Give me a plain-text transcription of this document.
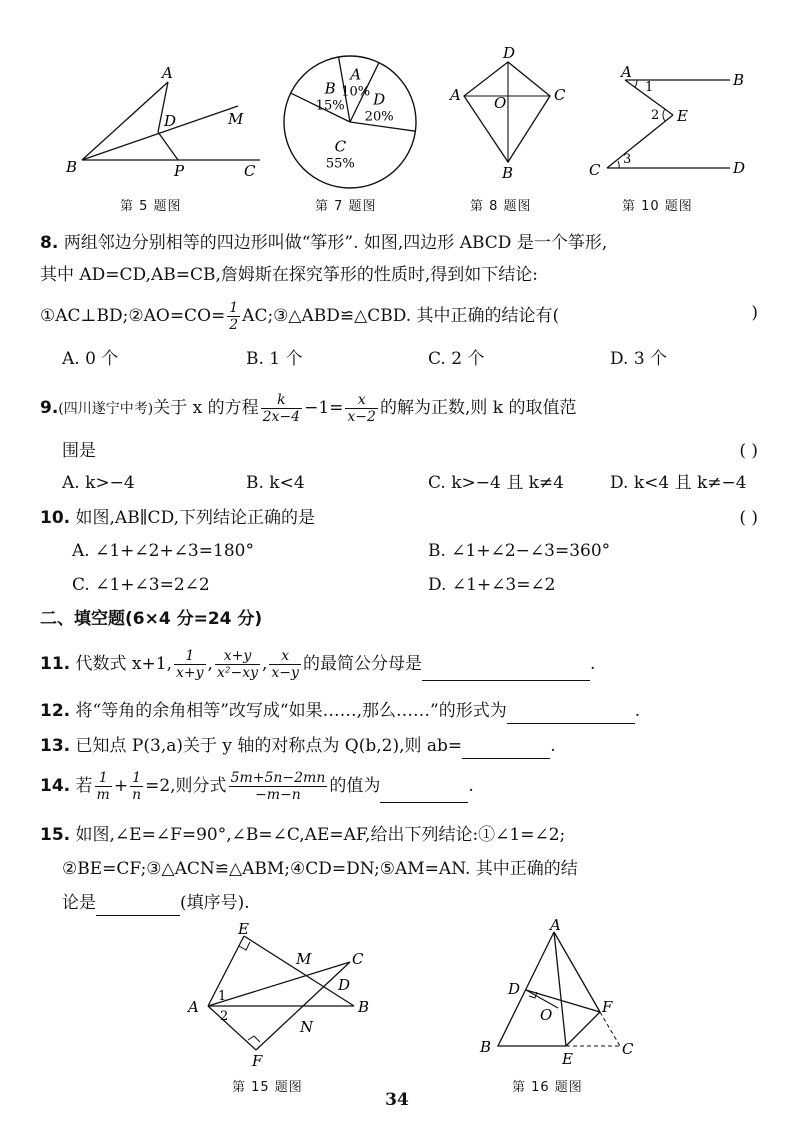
A
B	C
D	M
P
第 5 题图
A
10% D
20%
C
55%
B
15%
第 7 题图
D
A	C
O
B
第 8 题图
A	B
C	D
E
1
2
3
第 10 题图
8. 两组邻边分别相等的四边形叫做“筝形”. 如图,四边形 ABCD 是一个筝形,
其中 AD=CD,AB=CB,詹姆斯在探究筝形的性质时,得到如下结论:
①AC⊥BD;②AO=CO= $\frac{1}{2}$ AC;③△ABD≌△CBD. 其中正确的结论有(	)
A. 0 个	B. 1 个	C. 2 个	D. 3 个
9.(四川遂宁中考)关于 x 的方程 $\frac{k}{2x-4} -1= \frac{x}{x-2}$ 的解为正数,则 k 的取值范
围是	( )
A. k>−4	B. k<4	C. k>−4 且 k≠4	D. k<4 且 k≠−4
10. 如图,AB∥CD,下列结论正确的是	( )
A. ∠1+∠2+∠3=180°	B. ∠1+∠2−∠3=360°
C. ∠1+∠3=2∠2	D. ∠1+∠3=∠2
二、填空题(6×4 分=24 分)
11. 代数式 x+1, $\frac{1}{x+y}$ , $\frac{x+y}{\text{x²−xy}}$ , $\frac{x}{x-y}$ 的最简公分母是	.
12. 将“等角的余角相等”改写成“如果……,那么……”的形式为	.
13. 已知点 P(3,a)关于 y 轴的对称点为 Q(b,2),则 ab=	.
14. 若 $\frac{1}{m} + \frac{1}{n} =2$,则分式 $\frac{5m+5n-2mn}{-m-n}$ 的值为	.
15. 如图,∠E=∠F=90°,∠B=∠C,AE=AF,给出下列结论:①∠1=∠2;
②BE=CF;③△ACN≌△ABM;④CD=DN;⑤AM=AN. 其中正确的结
论是	(填序号).
E
M	C
A
D
B
N
F
1
2
第 15 题图
A
D
O	F
B
E
C
第 16 题图
34
